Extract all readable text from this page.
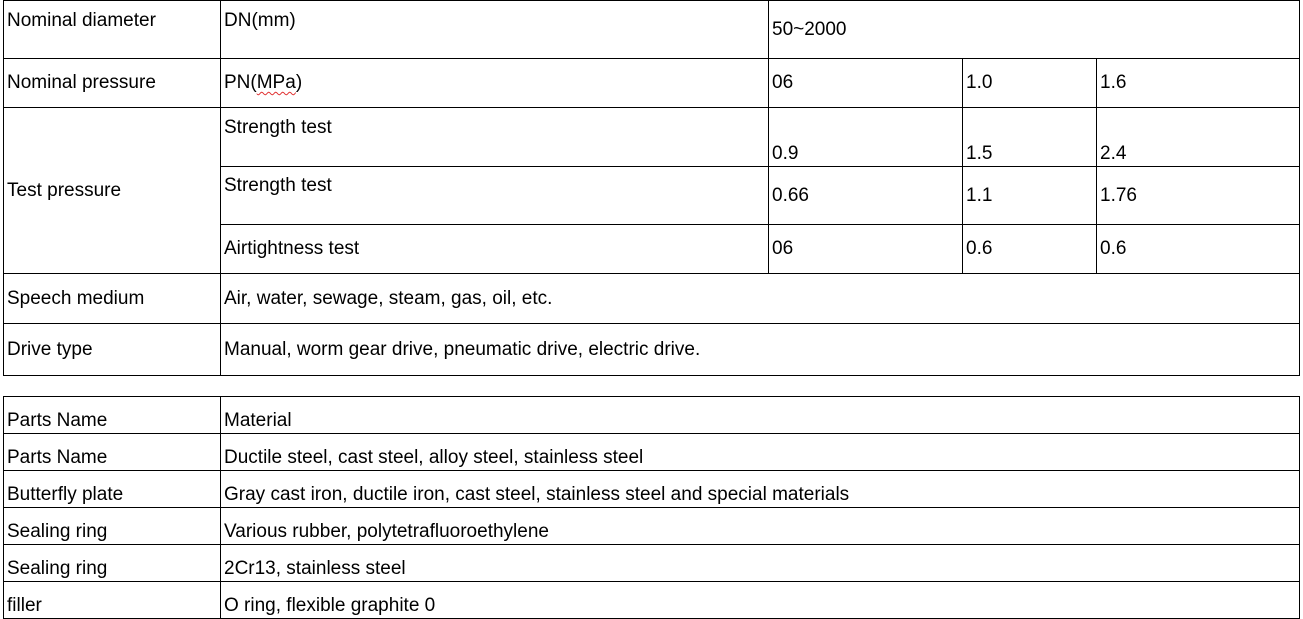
Nominal diameter	DN(mm)	50~2000		
Nominal pressure	PN(MPa)	06	1.0	1.6
Test pressure	Strength test	0.9	1.5	2.4
	Strength test	0.66	1.1	1.76
	Airtightness test	06	0.6	0.6
Speech medium	Air, water, sewage, steam, gas, oil, etc.			
Drive type	Manual, worm gear drive, pneumatic drive, electric drive.			
Parts Name	Material
Parts Name	Ductile steel, cast steel, alloy steel, stainless steel
Butterfly plate	Gray cast iron, ductile iron, cast steel, stainless steel and special materials
Sealing ring	Various rubber, polytetrafluoroethylene
Sealing ring	2Cr13, stainless steel
filler	O ring, flexible graphite 0
